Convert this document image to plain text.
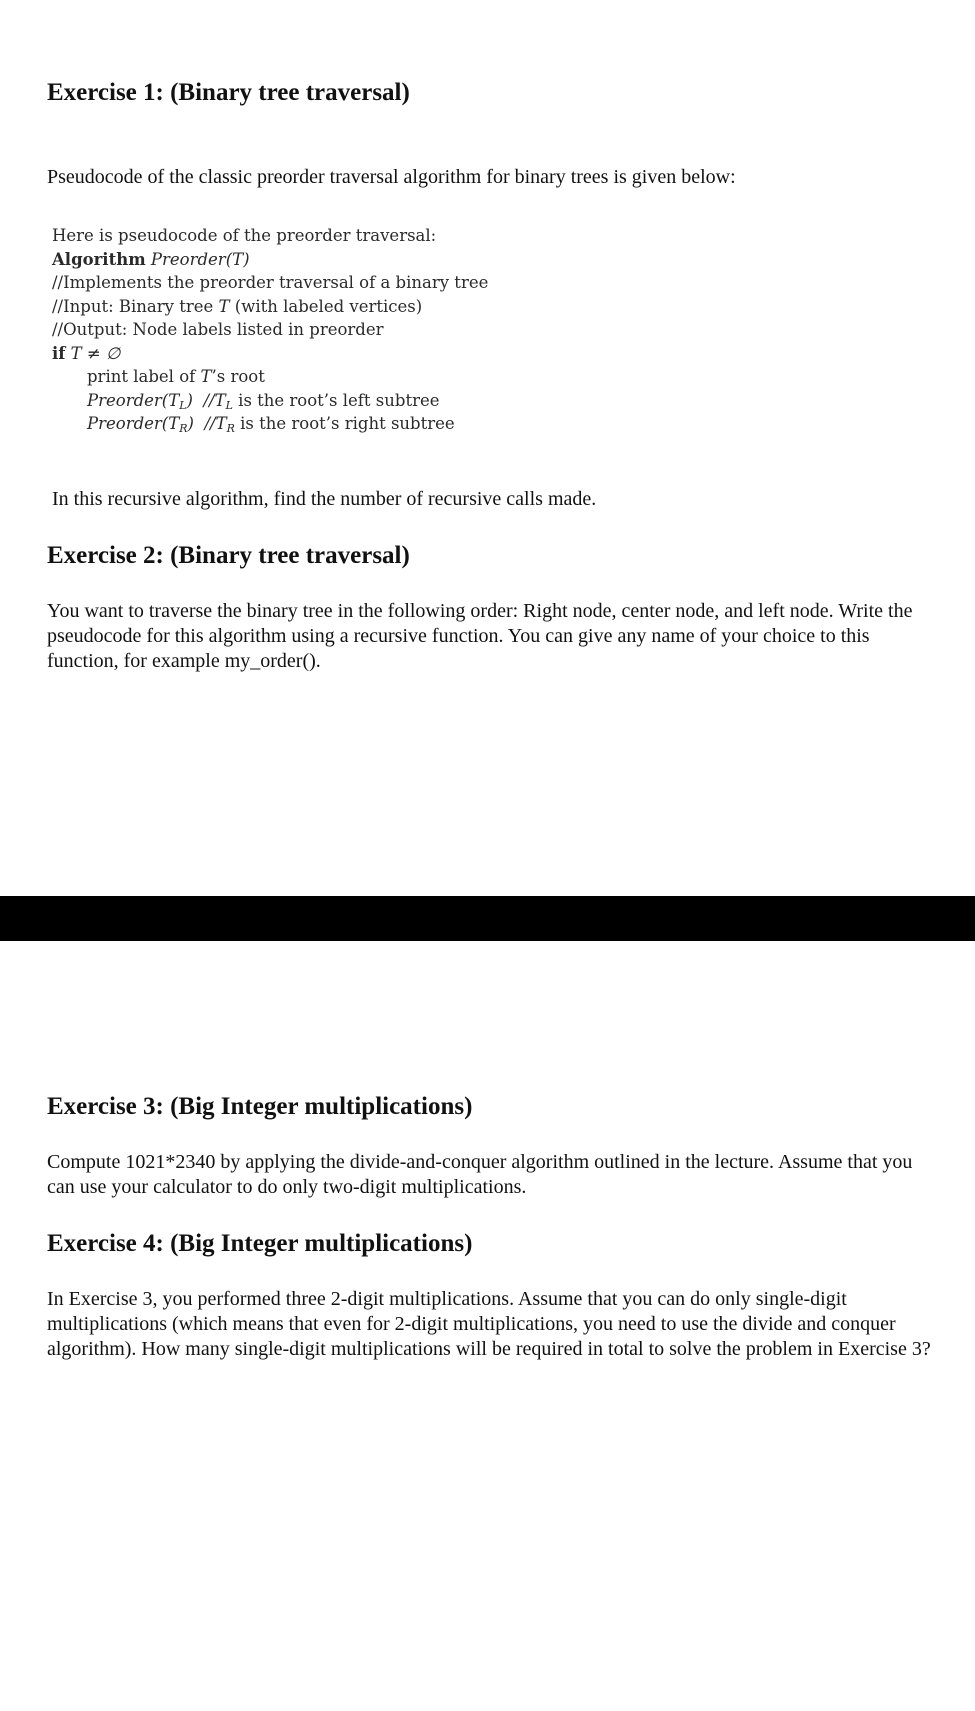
Exercise 1: (Binary tree traversal)
Pseudocode of the classic preorder traversal algorithm for binary trees is given below:
Here is pseudocode of the preorder traversal:
Algorithm Preorder(T)
//Implements the preorder traversal of a binary tree
//Input: Binary tree T (with labeled vertices)
//Output: Node labels listed in preorder
if T ≠ ∅
print label of T’s root
$Preorder(T_L)$ $//T_L$ is the root’s left subtree
$Preorder(T_R)$ $//T_R$ is the root’s right subtree
In this recursive algorithm, find the number of recursive calls made.
Exercise 2: (Binary tree traversal)
You want to traverse the binary tree in the following order: Right node, center node, and left node. Write the pseudocode for this algorithm using a recursive function. You can give any name of your choice to this function, for example my_order().
Exercise 3: (Big Integer multiplications)
Compute 1021*2340 by applying the divide-and-conquer algorithm outlined in the lecture. Assume that you can use your calculator to do only two-digit multiplications.
Exercise 4: (Big Integer multiplications)
In Exercise 3, you performed three 2-digit multiplications. Assume that you can do only single-digit multiplications (which means that even for 2-digit multiplications, you need to use the divide and conquer algorithm). How many single-digit multiplications will be required in total to solve the problem in Exercise 3?
